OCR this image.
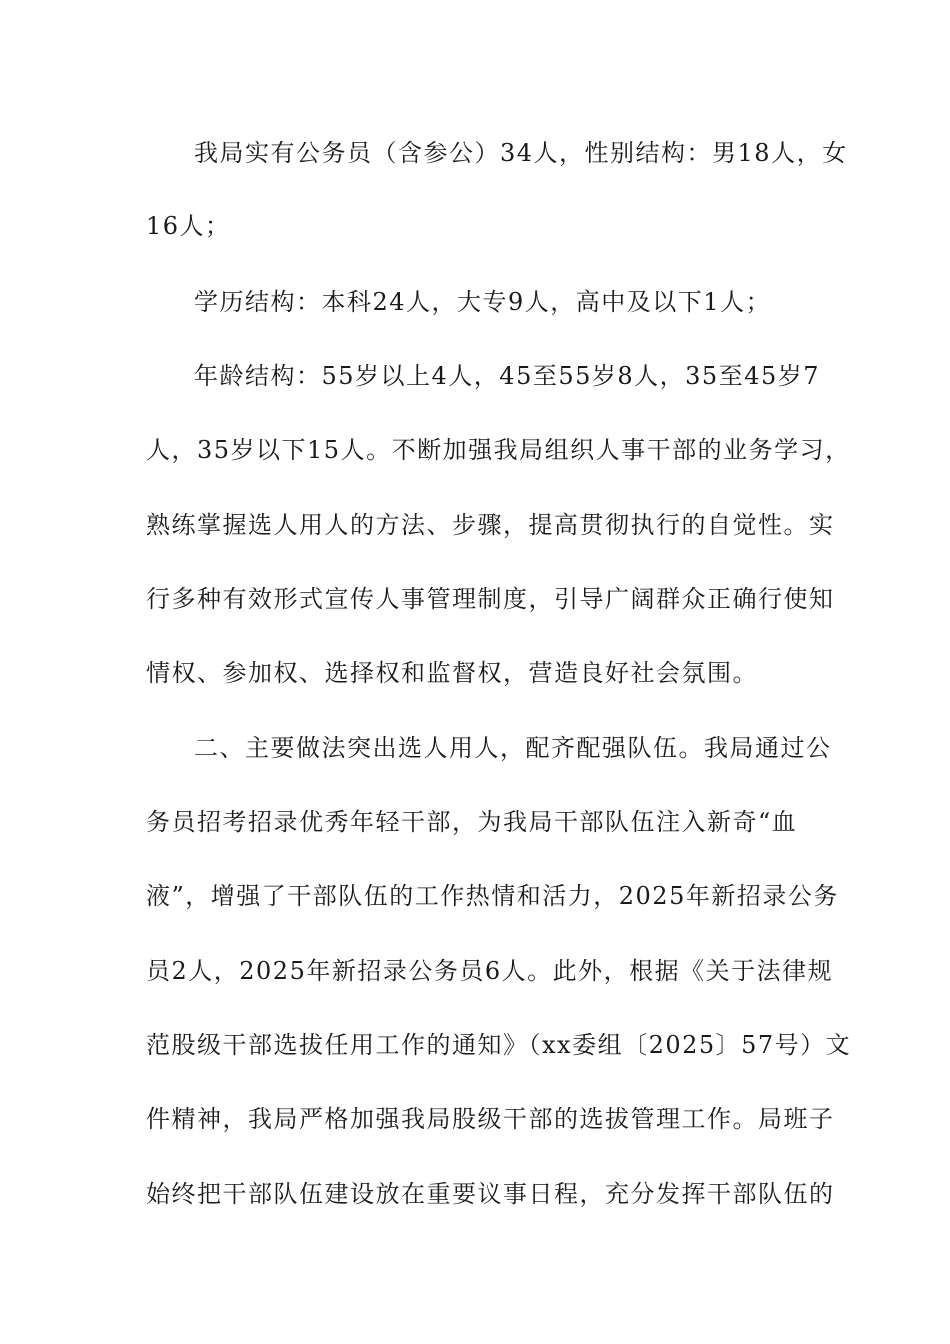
我局实有公务员（含参公）34人，性别结构：男18人，女
16人；
学历结构：本科24人，大专9人，高中及以下1人；
年龄结构：55岁以上4人，45至55岁8人，35至45岁7
人，35岁以下15人。不断加强我局组织人事干部的业务学习，
熟练掌握选人用人的方法、步骤，提高贯彻执行的自觉性。实
行多种有效形式宣传人事管理制度，引导广阔群众正确行使知
情权、参加权、选择权和监督权，营造良好社会氛围。
二、主要做法突出选人用人，配齐配强队伍。我局通过公
务员招考招录优秀年轻干部，为我局干部队伍注入新奇“血
液”，增强了干部队伍的工作热情和活力，2025年新招录公务
员2人，2025年新招录公务员6人。此外，根据《关于法律规
范股级干部选拔任用工作的通知》（xx委组〔2025〕57号）文
件精神，我局严格加强我局股级干部的选拔管理工作。局班子
始终把干部队伍建设放在重要议事日程，充分发挥干部队伍的
